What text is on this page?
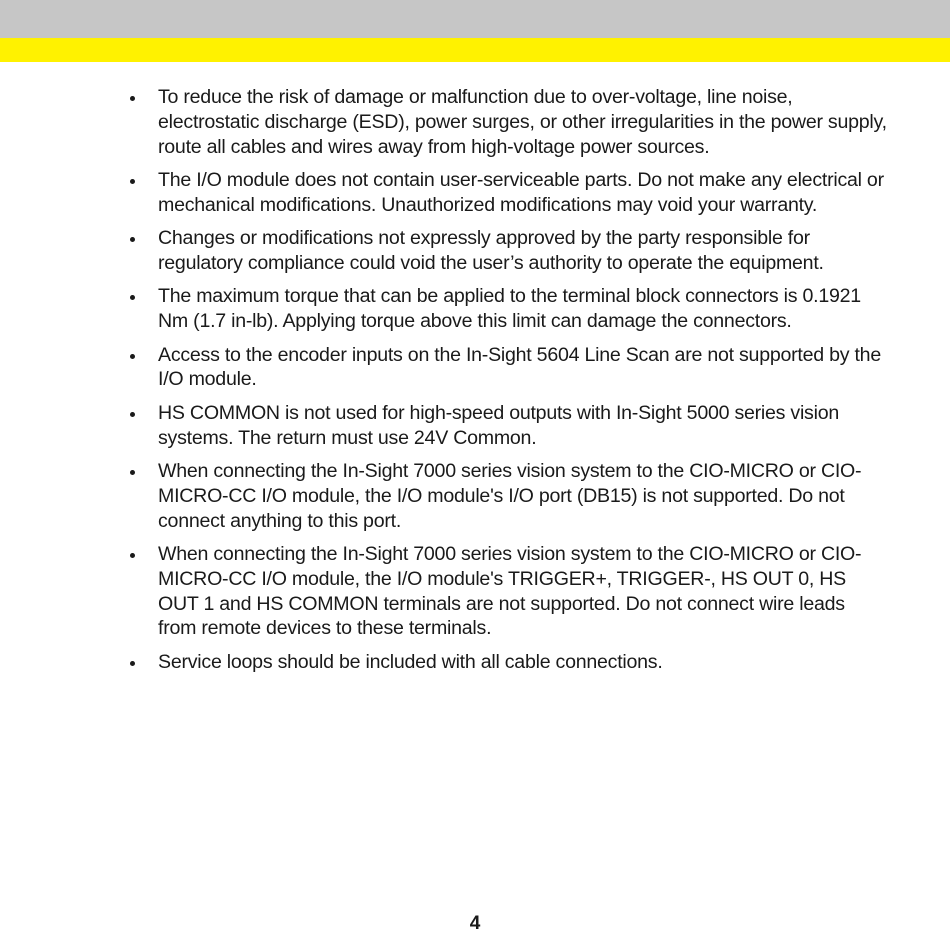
To reduce the risk of damage or malfunction due to over-voltage, line noise, electrostatic discharge (ESD), power surges, or other irregularities in the power supply, route all cables and wires away from high-voltage power sources.
The I/O module does not contain user-serviceable parts. Do not make any electrical or mechanical modifications. Unauthorized modifications may void your warranty.
Changes or modifications not expressly approved by the party responsible for regulatory compliance could void the user’s authority to operate the equipment.
The maximum torque that can be applied to the terminal block connectors is 0.1921 Nm (1.7 in-lb). Applying torque above this limit can damage the connectors.
Access to the encoder inputs on the In-Sight 5604 Line Scan are not supported by the I/O module.
HS COMMON is not used for high-speed outputs with In-Sight 5000 series vision systems. The return must use 24V Common.
When connecting the In-Sight 7000 series vision system to the CIO-MICRO or CIO-MICRO-CC I/O module, the I/O module's I/O port (DB15) is not supported. Do not connect anything to this port.
When connecting the In-Sight 7000 series vision system to the CIO-MICRO or CIO-MICRO-CC I/O module, the I/O module's TRIGGER+, TRIGGER-, HS OUT 0, HS OUT 1 and HS COMMON terminals are not supported. Do not connect wire leads from remote devices to these terminals.
Service loops should be included with all cable connections.
4
